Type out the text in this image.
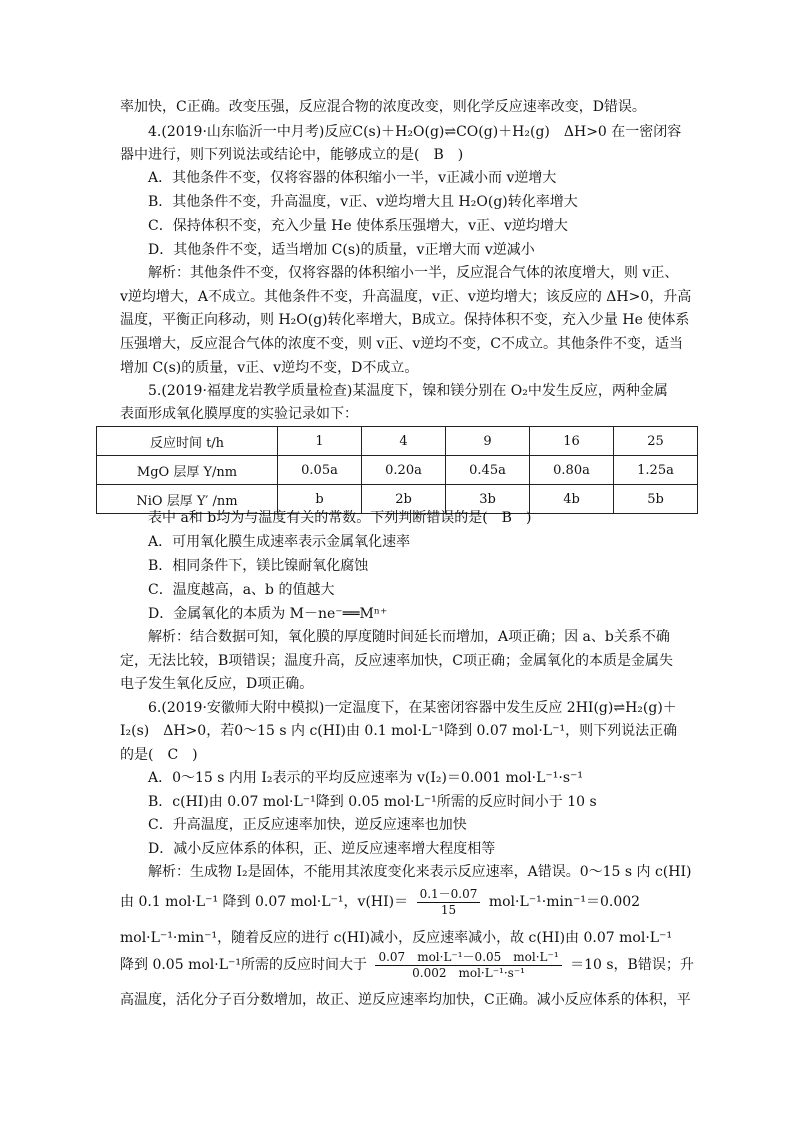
率加快，C正确。改变压强，反应混合物的浓度改变，则化学反应速率改变，D错误。
4.(2019·山东临沂一中月考)反应C(s)＋H₂O(g)⇌CO(g)＋H₂(g)　ΔH>0 在一密闭容
器中进行，则下列说法或结论中，能够成立的是(　B　)
A．其他条件不变，仅将容器的体积缩小一半，v正减小而 v逆增大
B．其他条件不变，升高温度，v正、v逆均增大且 H₂O(g)转化率增大
C．保持体积不变，充入少量 He 使体系压强增大，v正、v逆均增大
D．其他条件不变，适当增加 C(s)的质量，v正增大而 v逆减小
解析：其他条件不变，仅将容器的体积缩小一半，反应混合气体的浓度增大，则 v正、
v逆均增大，A不成立。其他条件不变，升高温度，v正、v逆均增大；该反应的 ΔH>0，升高
温度，平衡正向移动，则 H₂O(g)转化率增大，B成立。保持体积不变，充入少量 He 使体系
压强增大，反应混合气体的浓度不变，则 v正、v逆均不变，C不成立。其他条件不变，适当
增加 C(s)的质量，v正、v逆均不变，D不成立。
5.(2019·福建龙岩教学质量检查)某温度下，镍和镁分别在 O₂中发生反应，两种金属
表面形成氧化膜厚度的实验记录如下：
反应时间 t/h	1	4	9	16	25
MgO 层厚 Y/nm	0.05a	0.20a	0.45a	0.80a	1.25a
NiO 层厚 Y′ /nm	b	2b	3b	4b	5b
表中 a和 b均为与温度有关的常数。下列判断错误的是(　B　)
A．可用氧化膜生成速率表示金属氧化速率
B．相同条件下，镁比镍耐氧化腐蚀
C．温度越高，a、b 的值越大
D．金属氧化的本质为 M－ne⁻══Mⁿ⁺
解析：结合数据可知，氧化膜的厚度随时间延长而增加，A项正确；因 a、b关系不确
定，无法比较，B项错误；温度升高，反应速率加快，C项正确；金属氧化的本质是金属失
电子发生氧化反应，D项正确。
6.(2019·安徽师大附中模拟)一定温度下，在某密闭容器中发生反应 2HI(g)⇌H₂(g)＋
I₂(s)　ΔH>0，若0～15 s 内 c(HI)由 0.1 mol·L⁻¹降到 0.07 mol·L⁻¹，则下列说法正确
的是(　C　)
A．0～15 s 内用 I₂表示的平均反应速率为 v(I₂)＝0.001 mol·L⁻¹·s⁻¹
B．c(HI)由 0.07 mol·L⁻¹降到 0.05 mol·L⁻¹所需的反应时间小于 10 s
C．升高温度，正反应速率加快，逆反应速率也加快
D．减小反应体系的体积，正、逆反应速率增大程度相等
解析：生成物 I₂是固体，不能用其浓度变化来表示反应速率，A错误。0～15 s 内 c(HI)
由 0.1 mol·L⁻¹ 降到 0.07 mol·L⁻¹，$v(HI)= \frac{0.1-0.07}{15} mol\cdot L^{-1}\cdot\min^{-1}=0.002$
mol·L⁻¹·min⁻¹，随着反应的进行 c(HI)减小，反应速率减小，故 c(HI)由 0.07 mol·L⁻¹
降到 0.05 mol·L⁻¹所需的反应时间大于 $\frac{\text{0.07　mol·L⁻¹－0.05　mol·L⁻¹}}{\text{0.002　mol·L⁻¹·s⁻¹}} =10$ s，B错误；升
高温度，活化分子百分数增加，故正、逆反应速率均加快，C正确。减小反应体系的体积，平
